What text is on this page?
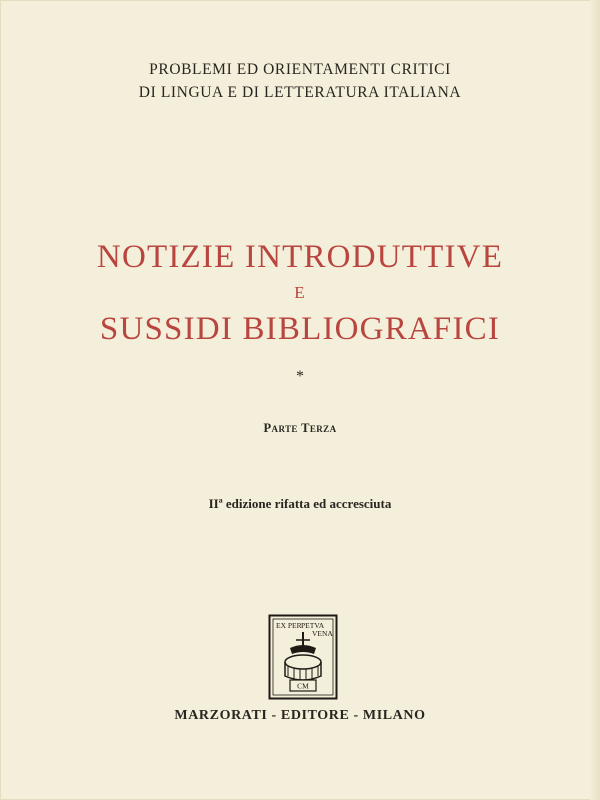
PROBLEMI ED ORIENTAMENTI CRITICI
DI LINGUA E DI LETTERATURA ITALIANA
NOTIZIE INTRODUTTIVE
E
SUSSIDI BIBLIOGRAFICI
*
Parte Terza
IIª edizione rifatta ed accresciuta
EX PER PETVA
VENA
CM
MARZORATI - EDITORE - MILANO
